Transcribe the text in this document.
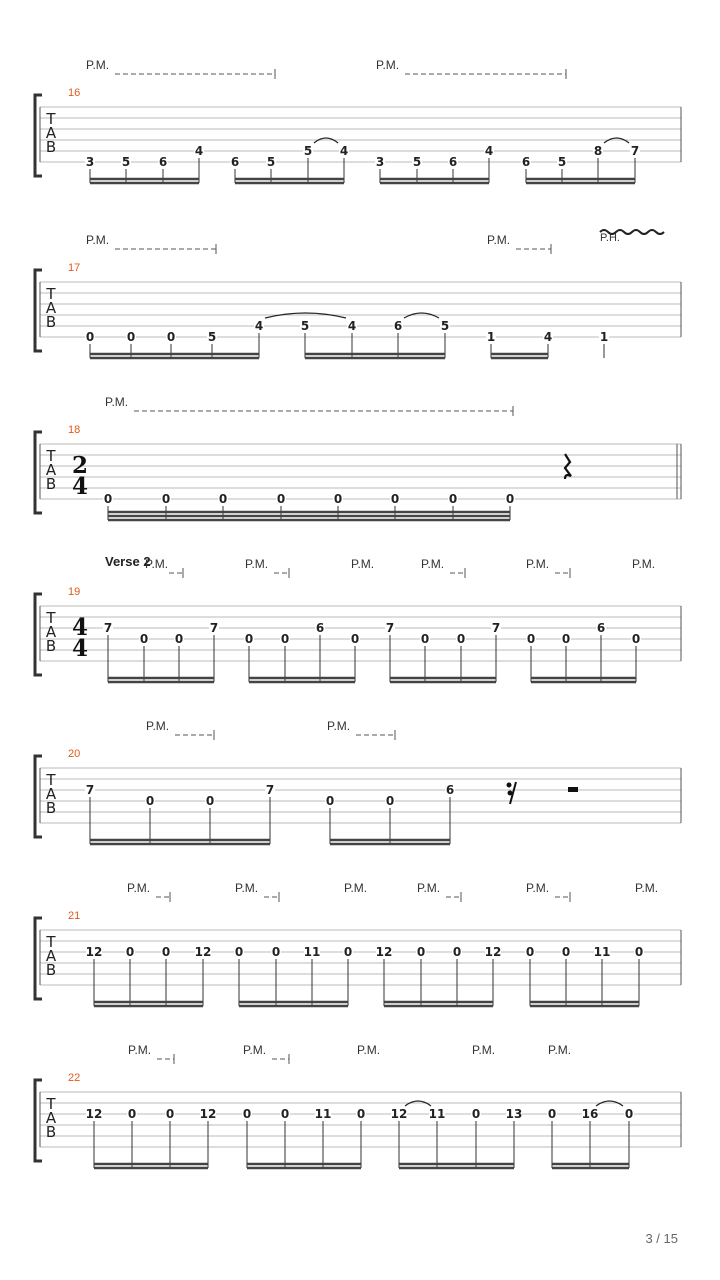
T
A
B
16
P.M.	P.M.
3 5 6
4
6 5
5 4
3 5 6
4
6 5
8 7
T
A
B
17
P.M.	P.M.	P.H.
0	0	0	5
4	5	4	6	5
1	4	1
T
A
B
18
2
4
P.M.
0	0	0	0	0	0	0	0
T
A
B
19
4
4
Verse 2
P.M.	P.M.	P.M.	P.M.	P.M.	P.M.
7
0 0
7
0 0
6
0
7
0 0
7
0 0
6
0
T
A
B
20
P.M.	P.M.
7
0	0
7
0	0
6
T
A
B
21
P.M.	P.M.	P.M.	P.M.	P.M.	P.M.
12 0 0 12 0 0 11 0 12 0 0 12 0 0 11 0
T
A
B
22
P.M.	P.M.	P.M.	P.M.	P.M.
12 0 0 12 0 0 11 0 12 11 0 13 0 16 0
3 / 15
